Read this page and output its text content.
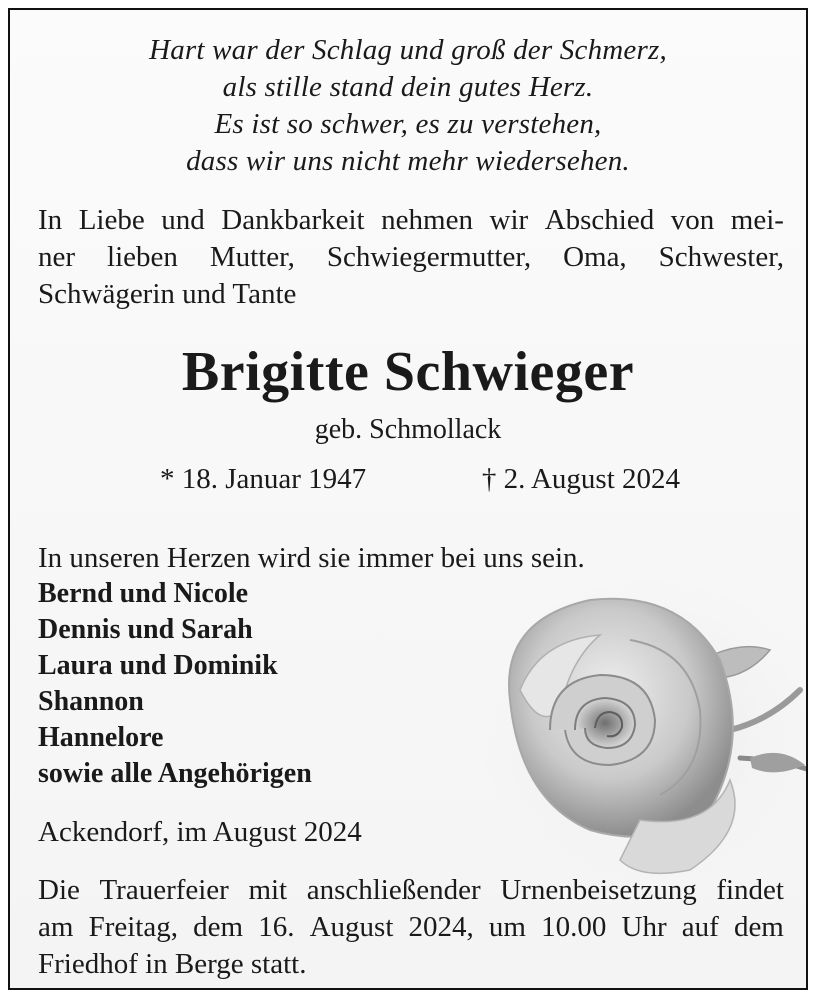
Hart war der Schlag und groß der Schmerz,
als stille stand dein gutes Herz.
Es ist so schwer, es zu verstehen,
dass wir uns nicht mehr wiedersehen.
In Liebe und Dankbarkeit nehmen wir Abschied von mei-
ner lieben Mutter, Schwiegermutter, Oma, Schwester,
Schwägerin und Tante
Brigitte Schwieger
geb. Schmollack
* 18. Januar 1947	† 2. August 2024
In unseren Herzen wird sie immer bei uns sein.
Bernd und Nicole
Dennis und Sarah
Laura und Dominik
Shannon
Hannelore
sowie alle Angehörigen
Ackendorf, im August 2024
Die Trauerfeier mit anschließender Urnenbeisetzung findet
am Freitag, dem 16. August 2024, um 10.00 Uhr auf dem
Friedhof in Berge statt.
